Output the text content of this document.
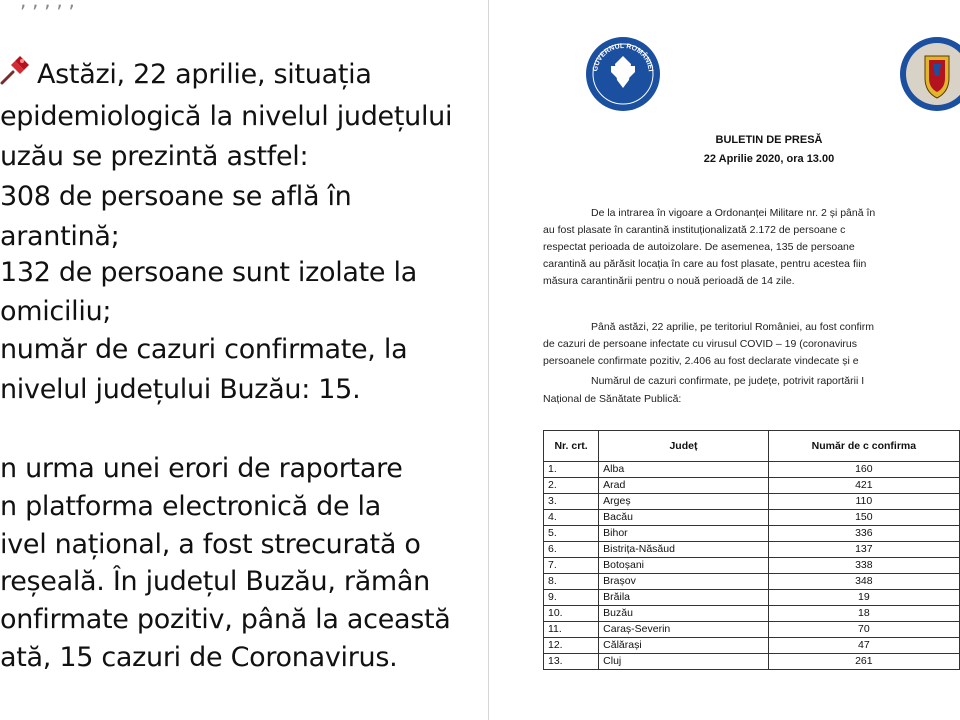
, , , , ,
Astăzi, 22 aprilie, situația
epidemiologică la nivelul județului
uzău se prezintă astfel:
308 de persoane se află în
arantină;
132 de persoane sunt izolate la
omiciliu;
număr de cazuri confirmate, la
nivelul județului Buzău: 15.
n urma unei erori de raportare
n platforma electronică de la
ivel național, a fost strecurată o
reșeală. În județul Buzău, rămân
onfirmate pozitiv, până la această
ată, 15 cazuri de Coronavirus.
GUVERNUL ROMÂNIEI
BULETIN DE PRESĂ
22 Aprilie 2020, ora 13.00
De la intrarea în vigoare a Ordonanței Militare nr. 2 și până în
au fost plasate în carantină instituționalizată 2.172 de persoane c
respectat perioada de autoizolare. De asemenea, 135 de persoane
carantină au părăsit locația în care au fost plasate, pentru acestea fiin
măsura carantinării pentru o nouă perioadă de 14 zile.
Până astăzi, 22 aprilie, pe teritoriul României, au fost confirm
de cazuri de persoane infectate cu virusul COVID – 19 (coronavirus
persoanele confirmate pozitiv, 2.406 au fost declarate vindecate și e
Numărul de cazuri confirmate, pe județe, potrivit raportării I
Național de Sănătate Publică:
Nr. crt.	Județ	Număr de c confirma
1.	Alba	160
2.	Arad	421
3.	Argeș	110
4.	Bacău	150
5.	Bihor	336
6.	Bistrița-Năsăud	137
7.	Botoșani	338
8.	Brașov	348
9.	Brăila	19
10.	Buzău	18
11.	Caraș-Severin	70
12.	Călărași	47
13.	Cluj	261
